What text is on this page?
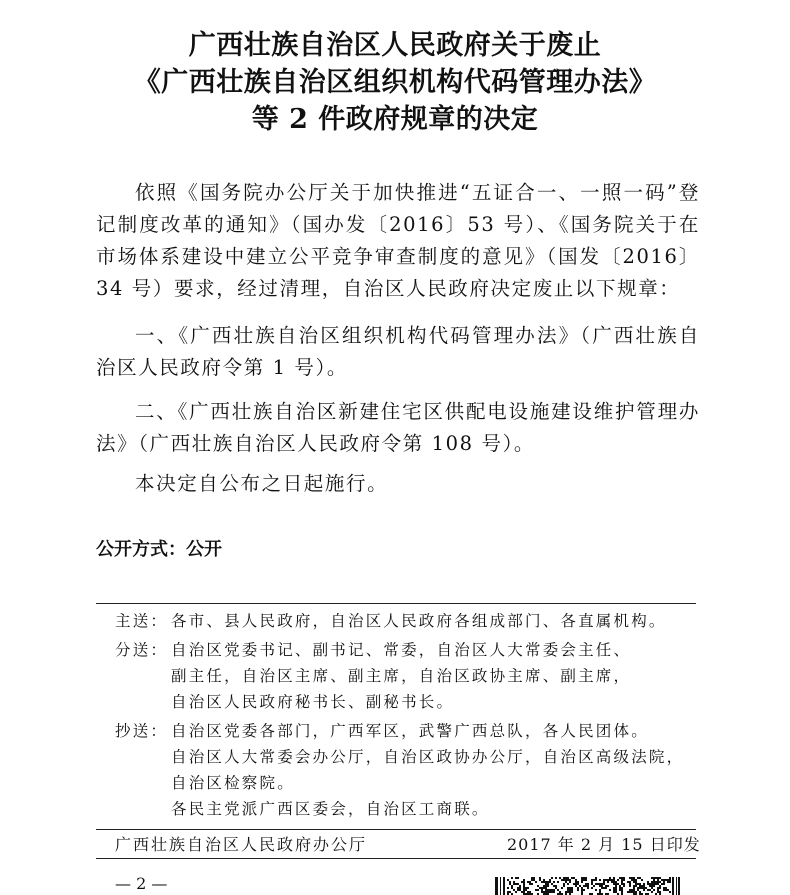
广西壮族自治区人民政府关于废止
《广西壮族自治区组织机构代码管理办法》
等 2 件政府规章的决定
依照《国务院办公厅关于加快推进“五证合一、一照一码”登记制度改革的通知》（国办发〔2016〕53 号）、《国务院关于在市场体系建设中建立公平竞争审查制度的意见》（国发〔2016〕34 号）要求，经过清理，自治区人民政府决定废止以下规章：
一、《广西壮族自治区组织机构代码管理办法》（广西壮族自治区人民政府令第 1 号）。
二、《广西壮族自治区新建住宅区供配电设施建设维护管理办法》（广西壮族自治区人民政府令第 108 号）。
本决定自公布之日起施行。
公开方式：公开
主送： 各市、县人民政府，自治区人民政府各组成部门、各直属机构。
分送： 自治区党委书记、副书记、常委，自治区人大常委会主任、
副主任，自治区主席、副主席，自治区政协主席、副主席，
自治区人民政府秘书长、副秘书长。
抄送： 自治区党委各部门，广西军区，武警广西总队，各人民团体。
自治区人大常委会办公厅，自治区政协办公厅，自治区高级法院，
自治区检察院。
各民主党派广西区委会，自治区工商联。
广西壮族自治区人民政府办公厅	2017 年 2 月 15 日印发
— 2 —
